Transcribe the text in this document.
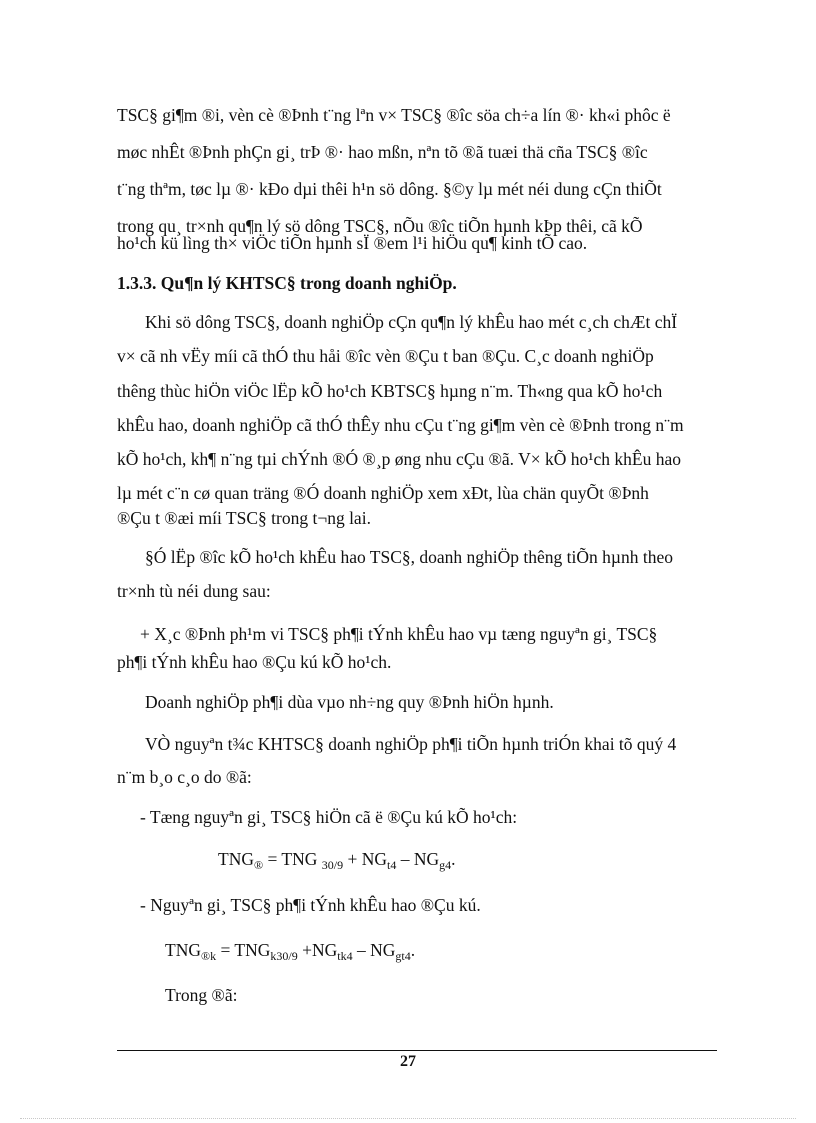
TSC§ gi¶m ®i, vèn cè ®Þnh t¨ng lªn v× TSC§ ®îc söa ch÷a lín ®· kh«i phôc ë
møc nhÊt ®Þnh phÇn gi¸ trÞ ®· hao mßn, nªn tõ ®ã tuæi thä cña TSC§ ®îc
t¨ng thªm, tøc lµ ®· kÐo dµi thêi h¹n sö dông. §©y lµ mét néi dung cÇn thiÕt
trong qu¸ tr×nh qu¶n lý sö dông TSC§, nÕu ®îc tiÕn hµnh kÞp thêi, cã kÕ
ho¹ch kü lìng th× viÖc tiÕn hµnh sÏ ®em l¹i hiÖu qu¶ kinh tÕ cao.
1.3.3. Qu¶n lý KHTSC§ trong doanh nghiÖp.
Khi sö dông TSC§, doanh nghiÖp cÇn qu¶n lý khÊu hao mét c¸ch chÆt chÏ
v× cã nh vËy míi cã thÓ thu håi ®îc vèn ®Çu t ban ®Çu. C¸c doanh nghiÖp
thêng thùc hiÖn viÖc lËp kÕ ho¹ch KBTSC§ hµng n¨m. Th«ng qua kÕ ho¹ch
khÊu hao, doanh nghiÖp cã thÓ thÊy nhu cÇu t¨ng gi¶m vèn cè ®Þnh trong n¨m
kÕ ho¹ch, kh¶ n¨ng tµi chÝnh ®Ó ®¸p øng nhu cÇu ®ã. V× kÕ ho¹ch khÊu hao
lµ mét c¨n cø quan träng ®Ó doanh nghiÖp xem xÐt, lùa chän quyÕt ®Þnh
®Çu t ®æi míi TSC§ trong t¬ng lai.
§Ó lËp ®îc kÕ ho¹ch khÊu hao TSC§, doanh nghiÖp thêng tiÕn hµnh theo
tr×nh tù néi dung sau:
+ X¸c ®Þnh ph¹m vi TSC§ ph¶i tÝnh khÊu hao vµ tæng nguyªn gi¸ TSC§
ph¶i tÝnh khÊu hao ®Çu kú kÕ ho¹ch.
Doanh nghiÖp ph¶i dùa vµo nh÷ng quy ®Þnh hiÖn hµnh.
VÒ nguyªn t¾c KHTSC§ doanh nghiÖp ph¶i tiÕn hµnh triÓn khai tõ quý 4
n¨m b¸o c¸o do ®ã:
- Tæng nguyªn gi¸ TSC§ hiÖn cã ë ®Çu kú kÕ ho¹ch:
$TNG_®$ = TNG $_{30/9} + NG_{t4} - NG_{g4}$.
- Nguyªn gi¸ TSC§ ph¶i tÝnh khÊu hao ®Çu kú.
$TNG_{®k} = TNG_{k30/9} +NG_{tk4} - NG_{gt4}$.
Trong ®ã:
27
